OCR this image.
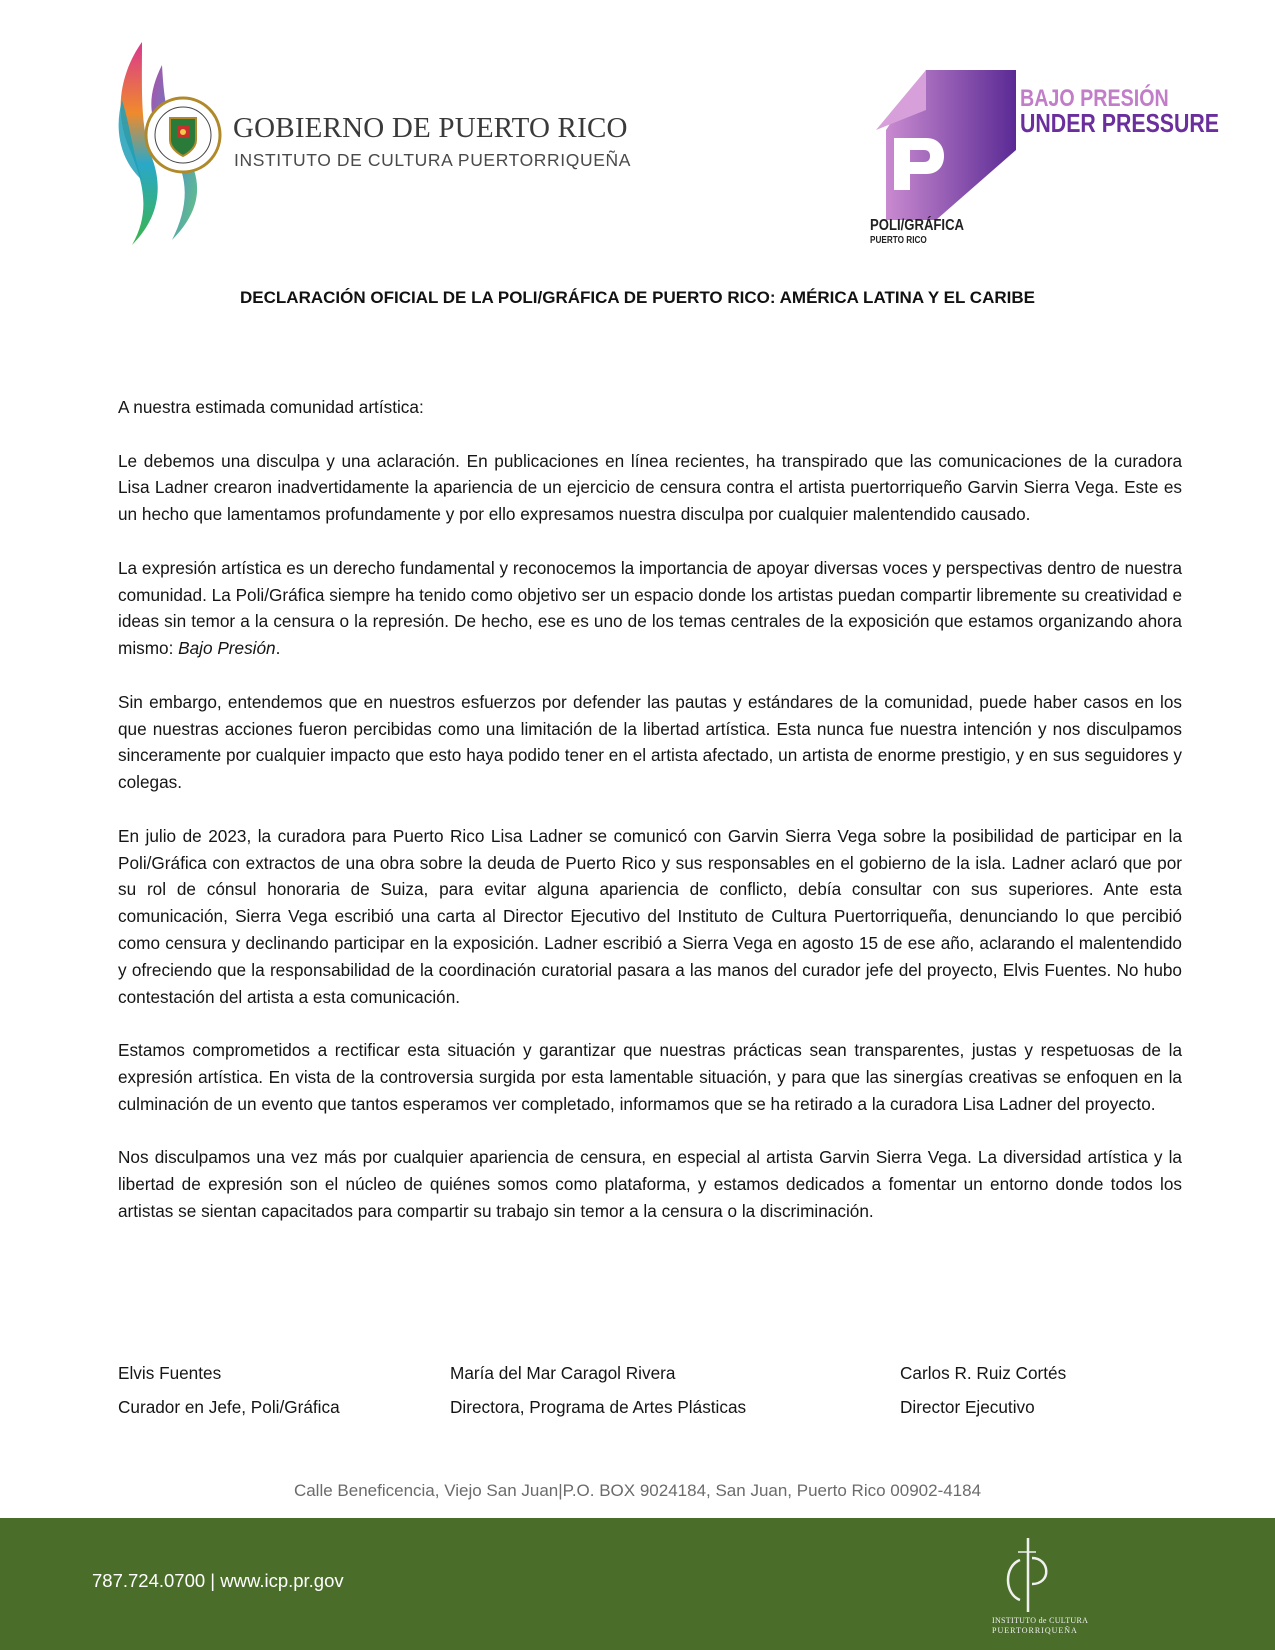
GOBIERNO DE PUERTO RICO
INSTITUTO DE CULTURA PUERTORRIQUEÑA
BAJO PRESIÓN
UNDER PRESSURE
POLI/GRÁFICA
PUERTO RICO
DECLARACIÓN OFICIAL DE LA POLI/GRÁFICA DE PUERTO RICO: AMÉRICA LATINA Y EL CARIBE

A nuestra estimada comunidad artística:

Le debemos una disculpa y una aclaración. En publicaciones en línea recientes, ha transpirado que las comunicaciones de la curadora Lisa Ladner crearon inadvertidamente la apariencia de un ejercicio de censura contra el artista puertorriqueño Garvin Sierra Vega. Este es un hecho que lamentamos profundamente y por ello expresamos nuestra disculpa por cualquier malentendido causado.

La expresión artística es un derecho fundamental y reconocemos la importancia de apoyar diversas voces y perspectivas dentro de nuestra comunidad. La Poli/Gráfica siempre ha tenido como objetivo ser un espacio donde los artistas puedan compartir libremente su creatividad e ideas sin temor a la censura o la represión. De hecho, ese es uno de los temas centrales de la exposición que estamos organizando ahora mismo: Bajo Presión.

Sin embargo, entendemos que en nuestros esfuerzos por defender las pautas y estándares de la comunidad, puede haber casos en los que nuestras acciones fueron percibidas como una limitación de la libertad artística. Esta nunca fue nuestra intención y nos disculpamos sinceramente por cualquier impacto que esto haya podido tener en el artista afectado, un artista de enorme prestigio, y en sus seguidores y colegas.

En julio de 2023, la curadora para Puerto Rico Lisa Ladner se comunicó con Garvin Sierra Vega sobre la posibilidad de participar en la Poli/Gráfica con extractos de una obra sobre la deuda de Puerto Rico y sus responsables en el gobierno de la isla. Ladner aclaró que por su rol de cónsul honoraria de Suiza, para evitar alguna apariencia de conflicto, debía consultar con sus superiores. Ante esta comunicación, Sierra Vega escribió una carta al Director Ejecutivo del Instituto de Cultura Puertorriqueña, denunciando lo que percibió como censura y declinando participar en la exposición. Ladner escribió a Sierra Vega en agosto 15 de ese año, aclarando el malentendido y ofreciendo que la responsabilidad de la coordinación curatorial pasara a las manos del curador jefe del proyecto, Elvis Fuentes. No hubo contestación del artista a esta comunicación.

Estamos comprometidos a rectificar esta situación y garantizar que nuestras prácticas sean transparentes, justas y respetuosas de la expresión artística. En vista de la controversia surgida por esta lamentable situación, y para que las sinergías creativas se enfoquen en la culminación de un evento que tantos esperamos ver completado, informamos que se ha retirado a la curadora Lisa Ladner del proyecto.

Nos disculpamos una vez más por cualquier apariencia de censura, en especial al artista Garvin Sierra Vega. La diversidad artística y la libertad de expresión son el núcleo de quiénes somos como plataforma, y estamos dedicados a fomentar un entorno donde todos los artistas se sientan capacitados para compartir su trabajo sin temor a la censura o la discriminación.

Elvis Fuentes
Curador en Jefe, Poli/Gráfica
María del Mar Caragol Rivera
Directora, Programa de Artes Plásticas
Carlos R. Ruiz Cortés
Director Ejecutivo
Calle Beneficencia, Viejo San Juan|P.O. BOX 9024184, San Juan, Puerto Rico 00902-4184
787.724.0700 | www.icp.pr.gov
INSTITUTO de CULTURA
PUERTORRIQUEÑA
